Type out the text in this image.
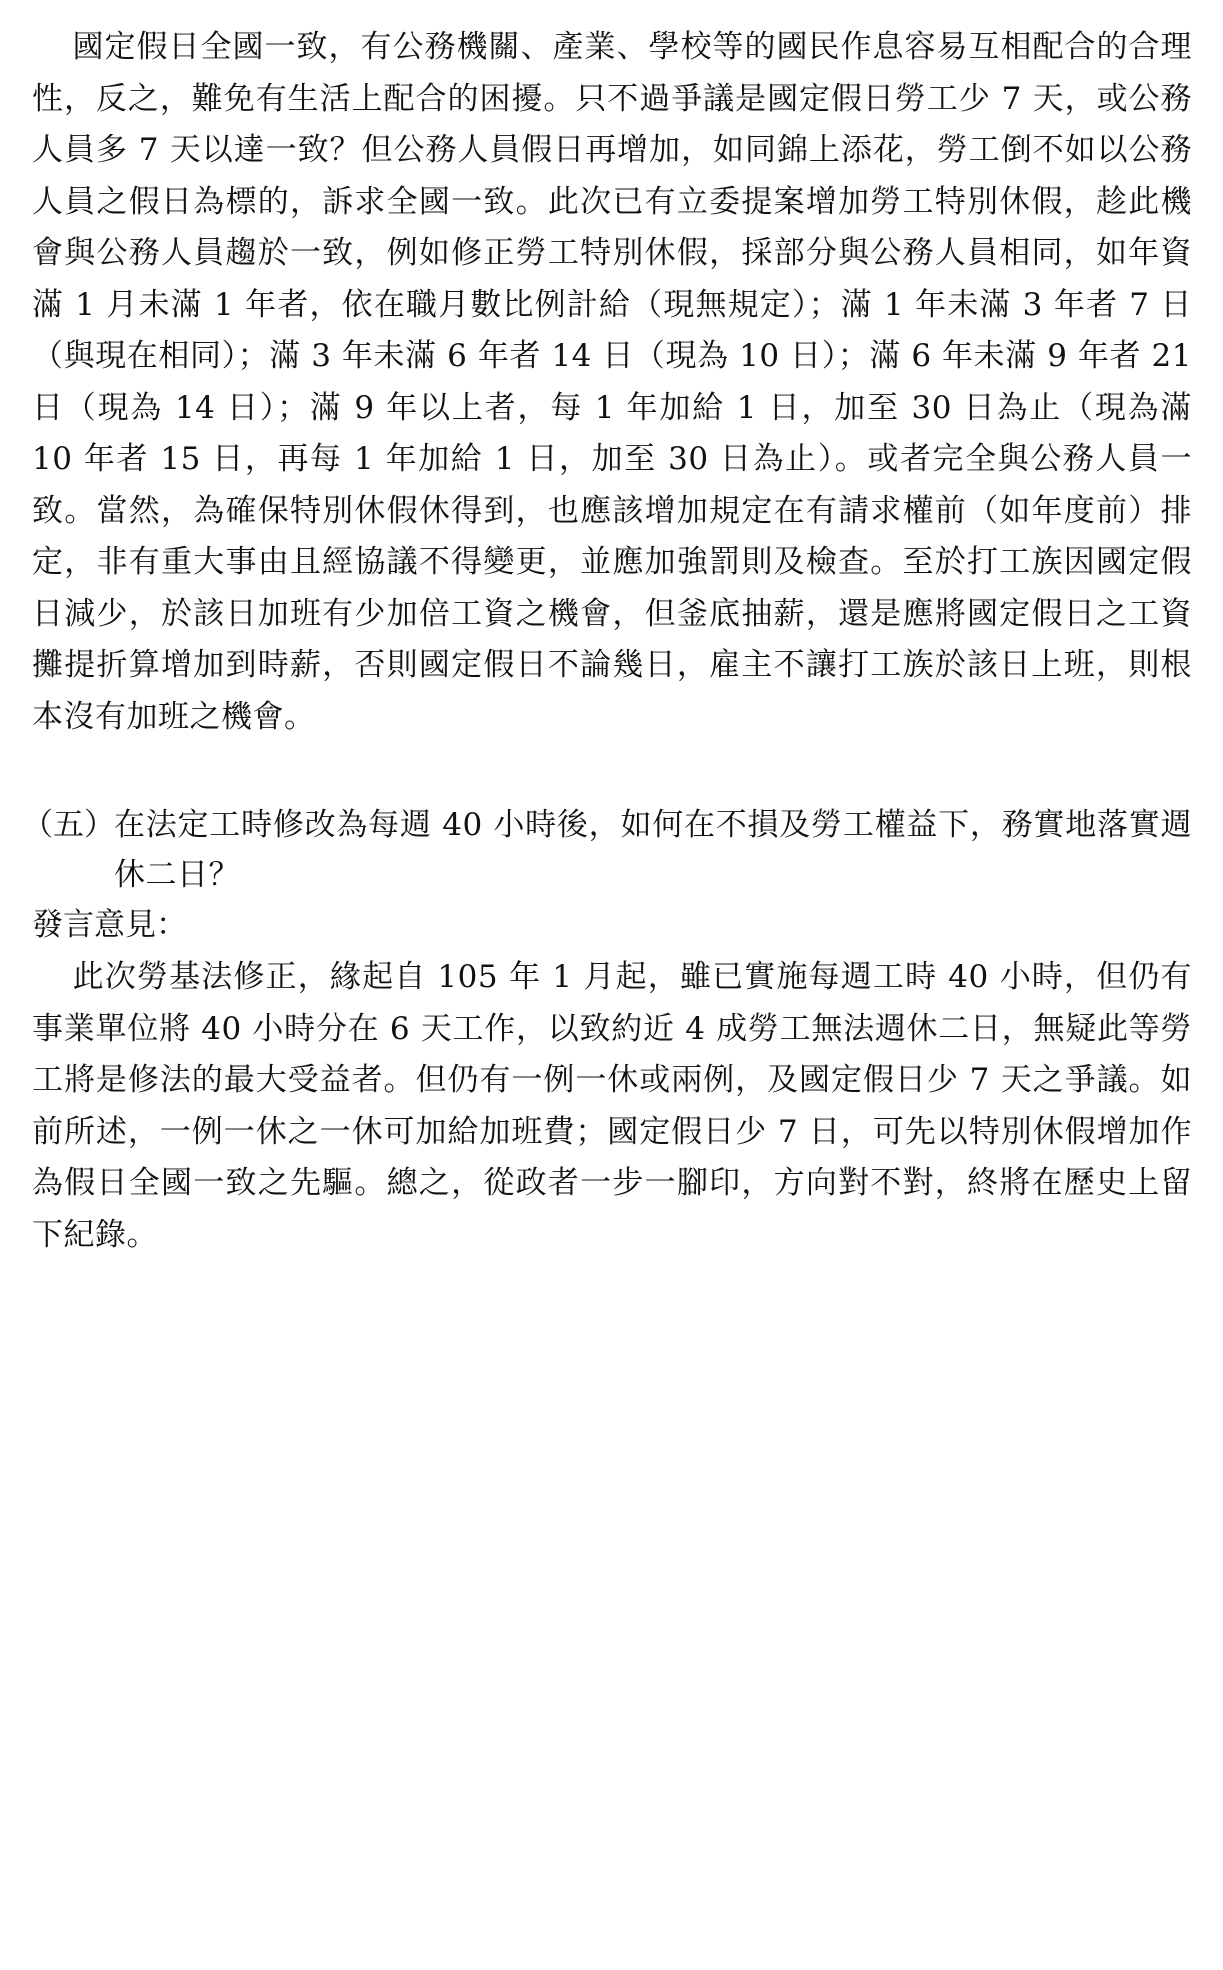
國定假日全國一致，有公務機關、產業、學校等的國民作息容易互相配合的合理性，反之，難免有生活上配合的困擾。只不過爭議是國定假日勞工少 7 天，或公務人員多 7 天以達一致？但公務人員假日再增加，如同錦上添花，勞工倒不如以公務人員之假日為標的，訴求全國一致。此次已有立委提案增加勞工特別休假，趁此機會與公務人員趨於一致，例如修正勞工特別休假，採部分與公務人員相同，如年資滿 1 月未滿 1 年者，依在職月數比例計給（現無規定）；滿 1 年未滿 3 年者 7 日（與現在相同）；滿 3 年未滿 6 年者 14 日（現為 10 日）；滿 6 年未滿 9 年者 21 日（現為 14 日）；滿 9 年以上者，每 1 年加給 1 日，加至 30 日為止（現為滿 10 年者 15 日，再每 1 年加給 1 日，加至 30 日為止）。或者完全與公務人員一致。當然，為確保特別休假休得到，也應該增加規定在有請求權前（如年度前）排定，非有重大事由且經協議不得變更，並應加強罰則及檢查。至於打工族因國定假日減少，於該日加班有少加倍工資之機會，但釜底抽薪，還是應將國定假日之工資攤提折算增加到時薪，否則國定假日不論幾日，雇主不讓打工族於該日上班，則根本沒有加班之機會。

（五） 在法定工時修改為每週 40 小時後，如何在不損及勞工權益下，務實地落實週休二日？

發言意見：

此次勞基法修正，緣起自 105 年 1 月起，雖已實施每週工時 40 小時，但仍有事業單位將 40 小時分在 6 天工作，以致約近 4 成勞工無法週休二日，無疑此等勞工將是修法的最大受益者。但仍有一例一休或兩例，及國定假日少 7 天之爭議。如前所述，一例一休之一休可加給加班費；國定假日少 7 日，可先以特別休假增加作為假日全國一致之先驅。總之，從政者一步一腳印，方向對不對，終將在歷史上留下紀錄。
